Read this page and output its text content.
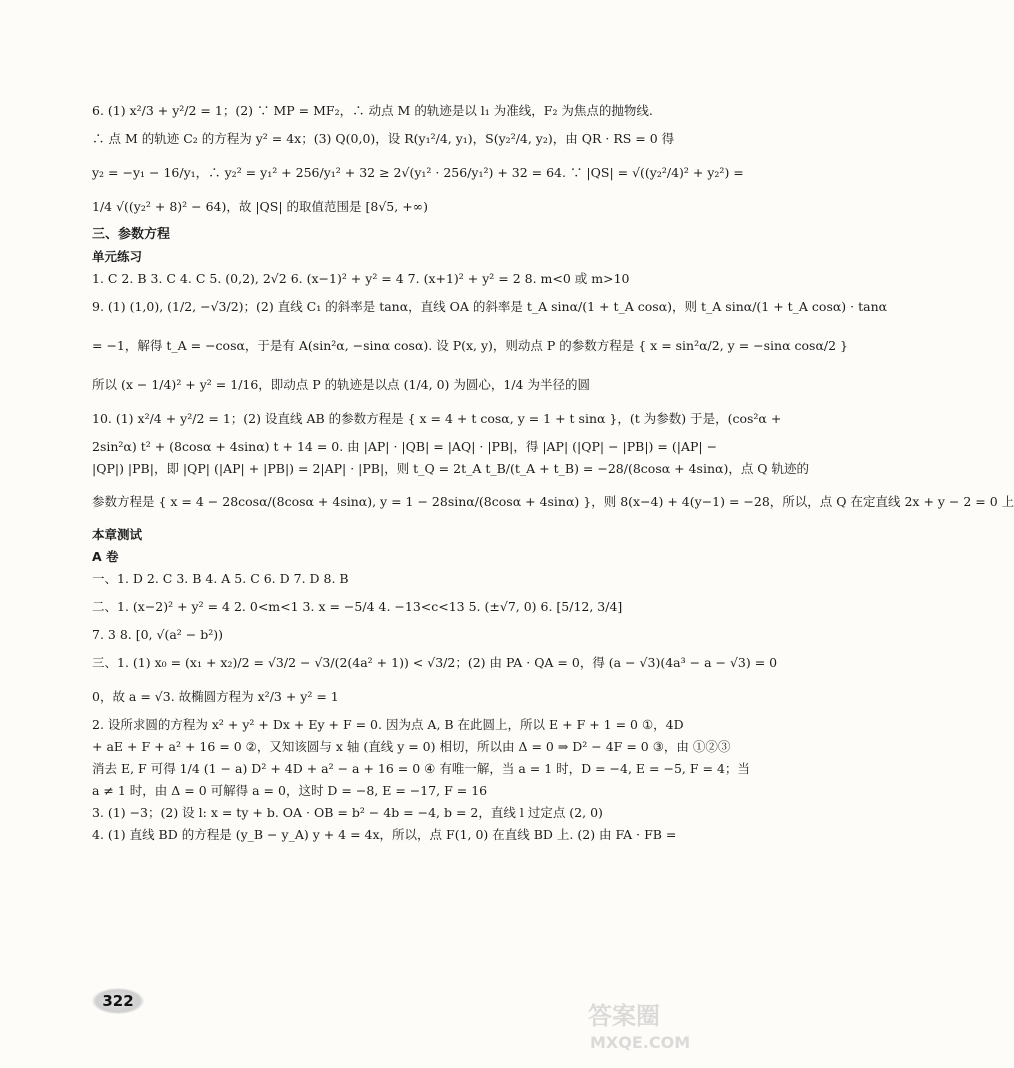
6. (1) x²/3 + y²/2 = 1；(2) ∵ MP = MF₂，∴ 动点 M 的轨迹是以 l₁ 为准线，F₂ 为焦点的抛物线.
∴ 点 M 的轨迹 C₂ 的方程为 y² = 4x；(3) Q(0,0)，设 R(y₁²/4, y₁)，S(y₂²/4, y₂)，由 QR · RS = 0 得
y₂ = −y₁ − 16/y₁，∴ y₂² = y₁² + 256/y₁² + 32 ≥ 2√(y₁² · 256/y₁²) + 32 = 64. ∵ |QS| = √((y₂²/4)² + y₂²) =
1/4 √((y₂² + 8)² − 64)，故 |QS| 的取值范围是 [8√5, +∞)
三、参数方程
单元练习
1. C 2. B 3. C 4. C 5. (0,2), 2√2 6. (x−1)² + y² = 4 7. (x+1)² + y² = 2 8. m<0 或 m>10
9. (1) (1,0), (1/2, −√3/2)；(2) 直线 C₁ 的斜率是 tanα，直线 OA 的斜率是 t_A sinα/(1 + t_A cosα)，则 t_A sinα/(1 + t_A cosα) · tanα
= −1，解得 t_A = −cosα，于是有 A(sin²α, −sinα cosα). 设 P(x, y)，则动点 P 的参数方程是 { x = sin²α/2, y = −sinα cosα/2 }
所以 (x − 1/4)² + y² = 1/16，即动点 P 的轨迹是以点 (1/4, 0) 为圆心，1/4 为半径的圆
10. (1) x²/4 + y²/2 = 1；(2) 设直线 AB 的参数方程是 { x = 4 + t cosα, y = 1 + t sinα }，(t 为参数) 于是，(cos²α +
2sin²α) t² + (8cosα + 4sinα) t + 14 = 0. 由 |AP| · |QB| = |AQ| · |PB|，得 |AP| (|QP| − |PB|) = (|AP| −
|QP|) |PB|，即 |QP| (|AP| + |PB|) = 2|AP| · |PB|，则 t_Q = 2t_A t_B/(t_A + t_B) = −28/(8cosα + 4sinα)，点 Q 轨迹的
参数方程是 { x = 4 − 28cosα/(8cosα + 4sinα), y = 1 − 28sinα/(8cosα + 4sinα) }，则 8(x−4) + 4(y−1) = −28，所以，点 Q 在定直线 2x + y − 2 = 0 上
本章测试
A 卷
一、1. D 2. C 3. B 4. A 5. C 6. D 7. D 8. B
二、1. (x−2)² + y² = 4 2. 0<m<1 3. x = −5/4 4. −13<c<13 5. (±√7, 0) 6. [5/12, 3/4]
7. 3 8. [0, √(a² − b²))
三、1. (1) x₀ = (x₁ + x₂)/2 = √3/2 − √3/(2(4a² + 1)) < √3/2；(2) 由 PA · QA = 0，得 (a − √3)(4a³ − a − √3) = 0
0，故 a = √3. 故椭圆方程为 x²/3 + y² = 1
2. 设所求圆的方程为 x² + y² + Dx + Ey + F = 0. 因为点 A, B 在此圆上，所以 E + F + 1 = 0 ①，4D
+ aE + F + a² + 16 = 0 ②，又知该圆与 x 轴 (直线 y = 0) 相切，所以由 Δ = 0 ⇒ D² − 4F = 0 ③，由 ①②③
消去 E, F 可得 1/4 (1 − a) D² + 4D + a² − a + 16 = 0 ④ 有唯一解，当 a = 1 时，D = −4, E = −5, F = 4；当
a ≠ 1 时，由 Δ = 0 可解得 a = 0，这时 D = −8, E = −17, F = 16
3. (1) −3；(2) 设 l: x = ty + b. OA · OB = b² − 4b = −4, b = 2，直线 l 过定点 (2, 0)
4. (1) 直线 BD 的方程是 (y_B − y_A) y + 4 = 4x，所以，点 F(1, 0) 在直线 BD 上. (2) 由 FA · FB =
322
答案圈
MXQE.COM
